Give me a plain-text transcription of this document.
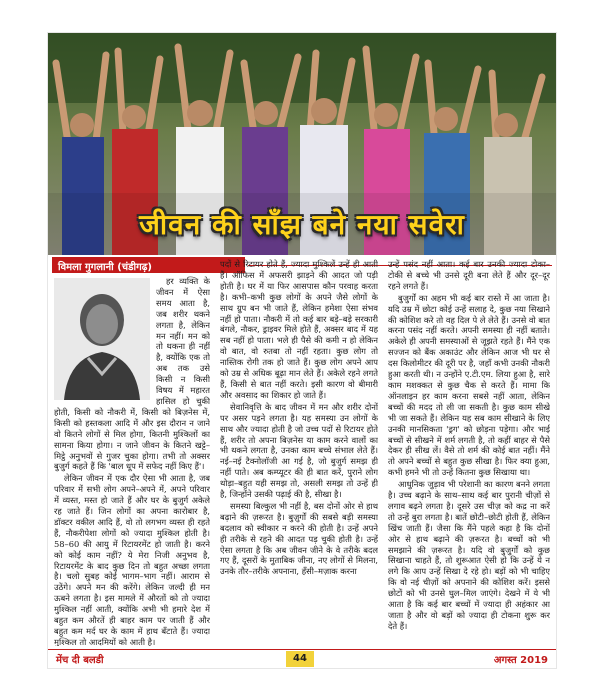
जीवन की साँझ बने नया सवेरा
विमला गुगलानी (चंडीगढ़)

हर व्यक्ति के जीवन में ऐसा समय आता है, जब शरीर थकने लगता है, लेकिन मन नहीं। मन को तो थकना ही नहीं है, क्योंकि एक तो अब तक उसे किसी न किसी विषय में महारत हासिल हो चुकी होती, किसी को नौकरी में, किसी को बिज़नेस में, किसी को हस्तकला आदि में और इस दौरान न जाने वो कितने लोगों से मिल होगा, कितनी मुश्किलों का सामना किया होगा। न जाने जीवन के कितने खट्टे–मिट्ठे अनुभवों से गुजर चुका होगा। तभी तो अक्सर बुजुर्ग कहते हैं कि 'बाल धूप में सफेद नहीं किए हैं'।

लेकिन जीवन में एक दौर ऐसा भी आता है, जब परिवार में सभी लोग अपने–अपने में, अपने परिवार में व्यस्त, मस्त हो जाते हैं और घर के बुजुर्ग अकेले रह जाते हैं। जिन लोगों का अपना कारोबार है, डॉक्टर वकील आदि हैं, वो तो लगभग व्यस्त ही रहते हैं, नौकरीपेशा लोगों को ज्यादा मुश्किल होती है। 58–60 की आयु में रिटायरमेंट हो जाती है। करने को कोई काम नहीं? ये मेरा निजी अनुभव है, रिटायरमेंट के बाद कुछ दिन तो बहुत अच्छा लगता है। चलो सुबह कोई भागम–भाग नहीं। आराम से उठेंगे। अपने मन की करेंगे। लेकिन जल्दी ही मन ऊबने लगता है। इस मामले में औरतों को तो ज्यादा मुश्किल नहीं आती, क्योंकि अभी भी हमारे देश में बहुत कम औरतें ही बाहर काम पर जाती हैं और बहुत कम मर्द घर के काम में हाथ बँटाते हैं। ज्यादा मुश्किल तो आदमियों को आती है।

पदों से रिटायर होते हैं, ज्यादा मुश्किलें उन्हें ही आती हैं। ऑफिस में अफसरी झाड़ने की आदत जो पड़ी होती है। घर में या फिर आसपास कौन परवाह करता है। कभी–कभी कुछ लोगों के अपने जैसे लोगों के साथ ग्रुप बन भी जाते हैं, लेकिन हमेशा ऐसा संभव नहीं हो पाता। नौकरी में तो कई बार बड़े–बड़े सरकारी बंगले, नौकर, ड्राइवर मिले होते हैं, अक्सर बाद में यह सब नहीं हो पाता। भले ही पैसे की कमी न हो लेकिन वो बात, वो रुतबा तो नहीं रहता। कुछ लोग तो नास्तिक रोगी तक हो जाते हैं। कुछ लोग अपने आप को उम्र से अधिक बूढ़ा मान लेते हैं। अकेले रहने लगते हैं, किसी से बात नहीं करते। इसी कारण वो बीमारी और अवसाद का शिकार हो जाते हैं।

सेवानिवृत्ति के बाद जीवन में मन और शरीर दोनों पर असर पड़ने लगता है। यह समस्या उन लोगों के साथ और ज्यादा होती है जो उच्च पदों से रिटायर होते हैं, शरीर तो अपना बिज़नेस या काम करने वालों का भी थकने लगता है, उनका काम बच्चे संभाल लेते हैं। नई–नई टैक्नोलॉजी आ गई है, जो बुजुर्ग समझ ही नहीं पाते। अब कम्प्यूटर की ही बात करें, पुराने लोग थोड़ा–बहुत यही समझ तो, असली समझ तो उन्हें ही है, जिन्होंने उसकी पढ़ाई की है, सीखा है।

समस्या बिल्कुल भी नहीं है, बस दोनों ओर से हाथ बढ़ाने की ज़रूरत है। बुज़ुर्गों की सबसे बड़ी समस्या बदलाव को स्वीकार न करने की होती है। उन्हें अपने ही तरीके से रहने की आदत पड़ चुकी होती है। उन्हें ऐसा लगता है कि अब जीवन जीने के वे तरीके बदल गए हैं, दूसरों के मुताबिक जीना, नए लोगों से मिलना, उनके तौर–तरीके अपनाना, हँसी–मज़ाक करना

उन्हें पसंद नहीं आता। कई बार उनकी ज्यादा टोका–टोकी से बच्चे भी उनसे दूरी बना लेते हैं और दूर–दूर रहने लगते हैं।

बुजुर्गों का अहम भी कई बार रास्ते में आ जाता है। यदि उम्र में छोटा कोई उन्हें सलाह दे, कुछ नया सिखाने की कोशिश करे तो वह दिल पे ले लेते हैं। उनसे वो बात करना पसंद नहीं करते। अपनी समस्या ही नहीं बताते। अकेले ही अपनी समस्याओं से जूझते रहते हैं। मैंने एक सज्जन को बैंक अकाउंट और लेकिन आज भी घर से दस किलोमीटर की दूरी पर है, जहाँ कभी उनकी नौकरी हुआ करती थी। न उन्होंने ए.टी.एम. लिया हुआ है, सारे काम मशक्कत से कुछ चैक से करते हैं। मामा कि ऑनलाइन हर काम करना सबसे नहीं आता, लेकिन बच्चों की मदद तो ली जा सकती है। कुछ काम सीखे भी जा सकते हैं। लेकिन यह सब काम सीखाने के लिए उनकी मानसिकता 'ड्रग' को छोड़ना पड़ेगा। और भाई बच्चों से सीखने में शर्म लगती है, तो कहीं बाहर से पैसे देकर ही सीख लें। वैसे तो शर्म की कोई बात नहीं। मैंने तो अपने बच्चों से बहुत कुछ सीखा है। फिर क्या हुआ, कभी हमने भी तो उन्हें कितना कुछ सिखाया था।

आधुनिक जुड़ाव भी परेशानी का कारण बनने लगता है। उच्च बढ़ाने के साथ–साथ कई बार पुरानी चीज़ों से लगाव बढ़ने लगता है। दूसरे उस चीज़ को कद्र ना करें तो उन्हें बुरा लगता है। बातें छोटी–छोटी होती हैं, लेकिन खिंच जाती हैं। जैसा कि मैंने पहले कहा है कि दोनों ओर से हाथ बढ़ाने की ज़रूरत है। बच्चों को भी समझाने की ज़रूरत है। यदि वो बुजुर्गों को कुछ सिखाना चाहते हैं, तो शुरूआत ऐसी हो कि उन्हें ये न लगे कि आप उन्हें सिखा दे रहे हो। बड़ों को भी चाहिए कि वो नई चीज़ों को अपनाने की कोशिश करें। इससे छोटों को भी उनसे घुल–मिल जाएंगे। देखने में ये भी आता है कि कई बार बच्चों में ज्यादा ही अहंकार आ जाता है और वो बड़ों को ज्यादा ही टोकना शुरू कर देते हैं।

मेंच दी बलडी	44	अगस्त 2019
